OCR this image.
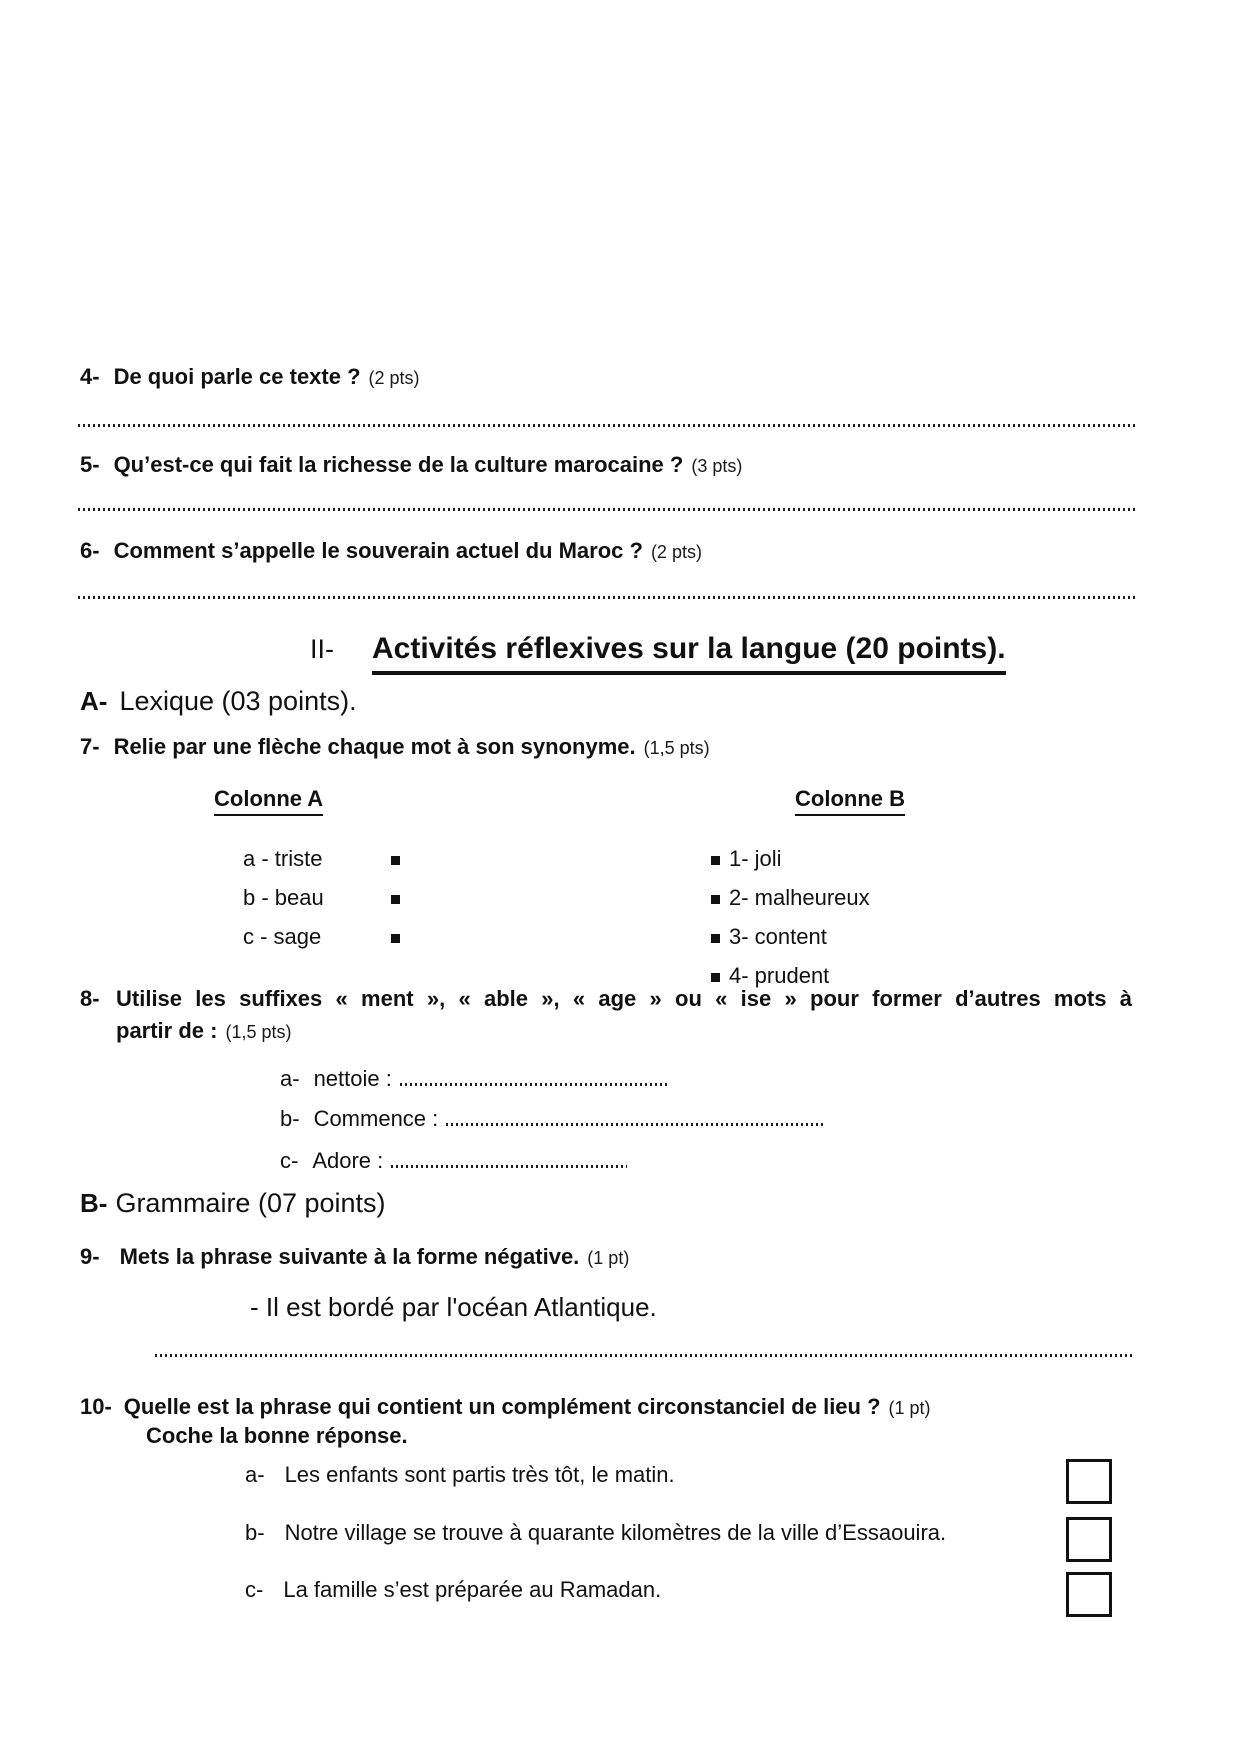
4- De quoi parle ce texte ? (2 pts)
5- Qu’est-ce qui fait la richesse de la culture marocaine ? (3 pts)
6- Comment s’appelle le souverain actuel du Maroc ? (2 pts)
II- Activités réflexives sur la langue (20 points).
A- Lexique (03 points).
7- Relie par une flèche chaque mot à son synonyme. (1,5 pts)
Colonne A	Colonne B
a - triste	1- joli
b - beau	2- malheureux
c - sage	3- content
4- prudent
8- Utilise les suffixes « ment », « able », « age » ou « ise » pour former d’autres mots à
partir de : (1,5 pts)
a- nettoie :
b- Commence :
c- Adore :
B- Grammaire (07 points)
9- Mets la phrase suivante à la forme négative. (1 pt)
- Il est bordé par l'océan Atlantique.
10- Quelle est la phrase qui contient un complément circonstanciel de lieu ? (1 pt)
Coche la bonne réponse.
a- Les enfants sont partis très tôt, le matin.
b- Notre village se trouve à quarante kilomètres de la ville d’Essaouira.
c- La famille s’est préparée au Ramadan.
